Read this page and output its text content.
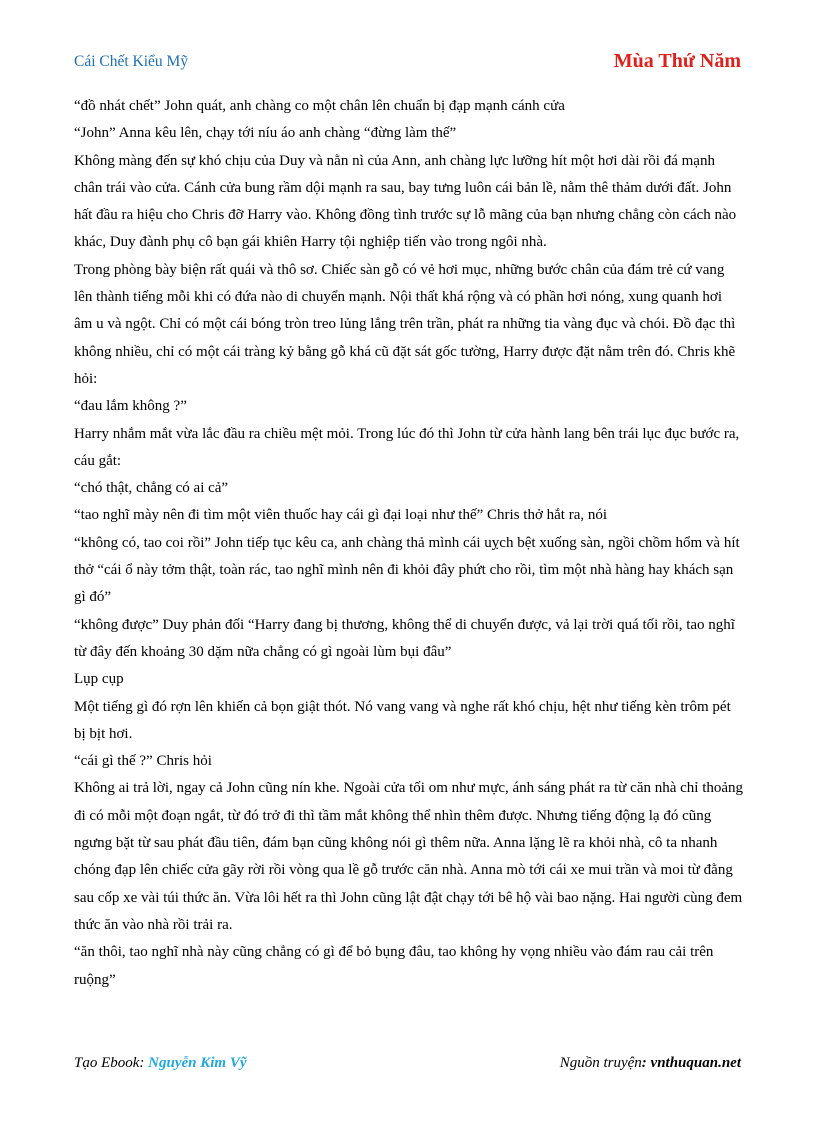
Cái Chết Kiểu Mỹ	Mùa Thứ Năm

“đồ nhát chết” John quát, anh chàng co một chân lên chuẩn bị đạp mạnh cánh cửa

“John” Anna kêu lên, chạy tới níu áo anh chàng “đừng làm thế”

Không màng đến sự khó chịu của Duy và nằn nì của Ann, anh chàng lực lưỡng hít một hơi dài rồi đá mạnh chân trái vào cửa. Cánh cửa bung rầm dội mạnh ra sau, bay tưng luôn cái bản lề, nằm thê thảm dưới đất. John hất đầu ra hiệu cho Chris đỡ Harry vào. Không đồng tình trước sự lỗ mãng của bạn nhưng chẳng còn cách nào khác, Duy đành phụ cô bạn gái khiên Harry tội nghiệp tiến vào trong ngôi nhà.

Trong phòng bày biện rất quái và thô sơ. Chiếc sàn gỗ có vẻ hơi mục, những bước chân của đám trẻ cứ vang lên thành tiếng mỗi khi có đứa nào di chuyển mạnh. Nội thất khá rộng và có phần hơi nóng, xung quanh hơi âm u và ngột. Chỉ có một cái bóng tròn treo lủng lẳng trên trần, phát ra những tia vàng đục và chói. Đồ đạc thì không nhiều, chỉ có một cái tràng kỷ bằng gỗ khá cũ đặt sát gốc tường, Harry được đặt nằm trên đó. Chris khẽ hỏi:

“đau lắm không ?”

Harry nhắm mắt vừa lắc đầu ra chiều mệt mỏi. Trong lúc đó thì John từ cửa hành lang bên trái lục đục bước ra, cáu gắt:

“chó thật, chẳng có ai cả”

“tao nghĩ mày nên đi tìm một viên thuốc hay cái gì đại loại như thế” Chris thở hắt ra, nói

“không có, tao coi rồi” John tiếp tục kêu ca, anh chàng thả mình cái uỵch bệt xuống sàn, ngồi chồm hổm và hít thở “cái ổ này tởm thật, toàn rác, tao nghĩ mình nên đi khỏi đây phứt cho rồi, tìm một nhà hàng hay khách sạn gì đó”

“không được” Duy phản đối “Harry đang bị thương, không thể di chuyển được, vả lại trời quá tối rồi, tao nghĩ từ đây đến khoảng 30 dặm nữa chẳng có gì ngoài lùm bụi đâu”

Lụp cụp

Một tiếng gì đó rợn lên khiến cả bọn giật thót. Nó vang vang và nghe rất khó chịu, hệt như tiếng kèn trôm pét bị bịt hơi.

“cái gì thế ?” Chris hỏi

Không ai trả lời, ngay cả John cũng nín khe. Ngoài cửa tối om như mực, ánh sáng phát ra từ căn nhà chỉ thoảng đi có mỗi một đoạn ngắt, từ đó trở đi thì tầm mắt không thể nhìn thêm được. Nhưng tiếng động lạ đó cũng ngưng bặt từ sau phát đầu tiên, đám bạn cũng không nói gì thêm nữa. Anna lặng lẽ ra khỏi nhà, cô ta nhanh chóng đạp lên chiếc cửa gãy rời rồi vòng qua lề gỗ trước căn nhà. Anna mò tới cái xe mui trần và moi từ đằng sau cốp xe vài túi thức ăn. Vừa lôi hết ra thì John cũng lật đật chạy tới bê hộ vài bao nặng. Hai người cùng đem thức ăn vào nhà rồi trải ra.

“ăn thôi, tao nghĩ nhà này cũng chẳng có gì để bỏ bụng đâu, tao không hy vọng nhiều vào đám rau cải trên ruộng”

Tạo Ebook: Nguyễn Kim Vỹ	Nguồn truyện: vnthuquan.net
